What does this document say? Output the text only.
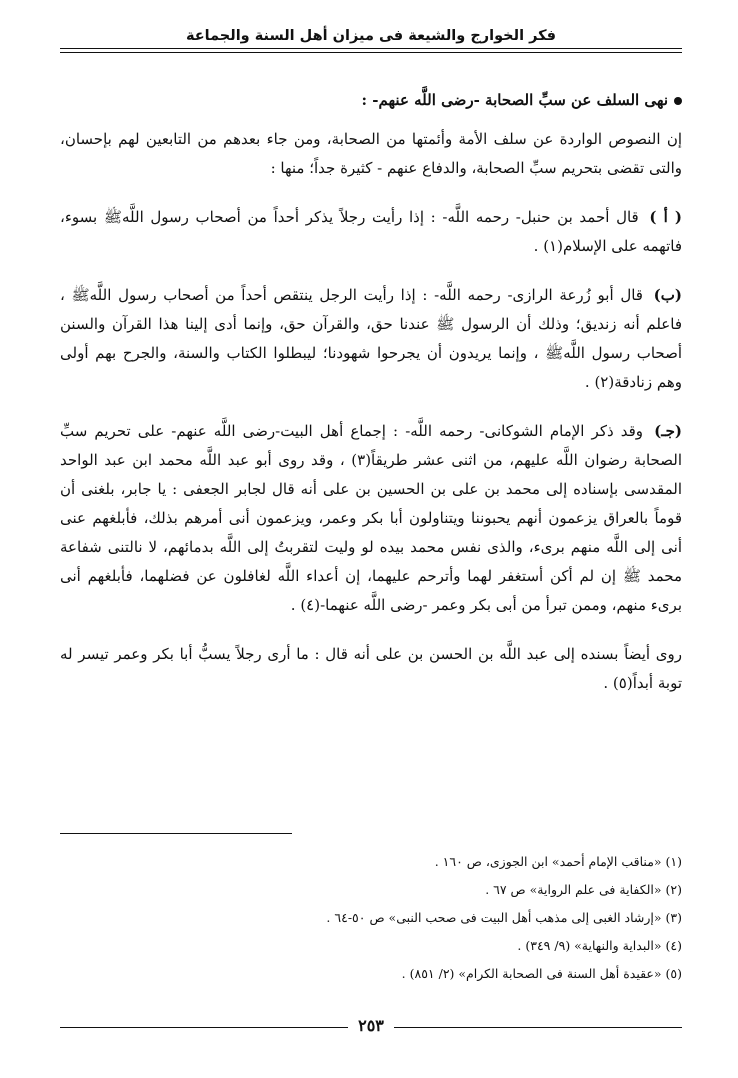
فكر الخوارج والشيعة فى ميزان أهل السنة والجماعة
نهى السلف عن سبِّ الصحابة -رضى اللَّه عنهم- :

إن النصوص الواردة عن سلف الأمة وأئمتها من الصحابة، ومن جاء بعدهم من التابعين لهم بإحسان، والتى تقضى بتحريم سبِّ الصحابة، والدفاع عنهم - كثيرة جداً؛ منها :

( أ ) قال أحمد بن حنبل- رحمه اللَّه- : إذا رأيت رجلاً يذكر أحداً من أصحاب رسول اللَّهﷺ بسوء، فاتهمه على الإسلام(١) .

(ب) قال أبو زُرعة الرازى- رحمه اللَّه- : إذا رأيت الرجل ينتقص أحداً من أصحاب رسول اللَّهﷺ ، فاعلم أنه زنديق؛ وذلك أن الرسول ﷺ عندنا حق، والقرآن حق، وإنما أدى إلينا هذا القرآن والسنن أصحاب رسول اللَّهﷺ ، وإنما يريدون أن يجرحوا شهودنا؛ ليبطلوا الكتاب والسنة، والجرح بهم أولى وهم زنادقة(٢) .

(جـ) وقد ذكر الإمام الشوكانى- رحمه اللَّه- : إجماع أهل البيت-رضى اللَّه عنهم- على تحريم سبِّ الصحابة رضوان اللَّه عليهم، من اثنى عشر طريقاً(٣) ، وقد روى أبو عبد اللَّه محمد ابن عبد الواحد المقدسى بإسناده إلى محمد بن على بن الحسين بن على أنه قال لجابر الجعفى : يا جابر، بلغنى أن قوماً بالعراق يزعمون أنهم يحبوننا ويتناولون أبا بكر وعمر، ويزعمون أنى أمرهم بذلك، فأبلغهم عنى أنى إلى اللَّه منهم برىء، والذى نفس محمد بيده لو وليت لتقربتُ إلى اللَّه بدمائهم، لا نالتنى شفاعة محمد ﷺ إن لم أكن أستغفر لهما وأترحم عليهما، إن أعداء اللَّه لغافلون عن فضلهما، فأبلغهم أنى برىء منهم، وممن تبرأ من أبى بكر وعمر -رضى اللَّه عنهما-(٤) .

روى أيضاً بسنده إلى عبد اللَّه بن الحسن بن على أنه قال : ما أرى رجلاً يسبُّ أبا بكر وعمر تيسر له توبة أبداً(٥) .

(١) «مناقب الإمام أحمد» ابن الجوزى، ص ١٦٠ .
(٢) «الكفاية فى علم الرواية» ص ٦٧ .
(٣) «إرشاد الغبى إلى مذهب أهل البيت فى صحب النبى» ص ٥٠-٦٤ .
(٤) «البداية والنهاية» (٩/ ٣٤٩) .
(٥) «عقيدة أهل السنة فى الصحابة الكرام» (٢/ ٨٥١) .
٢٥٣
